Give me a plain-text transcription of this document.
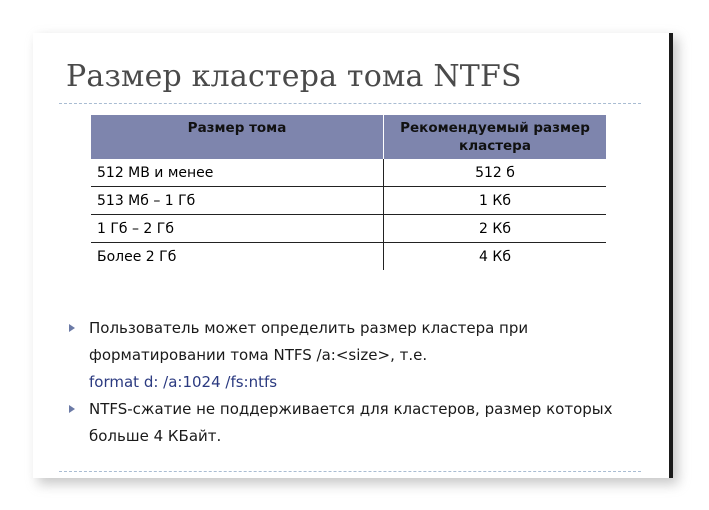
Размер кластера тома NTFS
Размер тома	Рекомендуемый размер кластера
512 МВ и менее	512 б
513 Мб – 1 Гб	1 Кб
1 Гб – 2 Гб	2 Кб
Более 2 Гб	4 Кб
Пользователь может определить размер кластера при форматировании тома NTFS /a:<size>, т.е.
format d: /a:1024 /fs:ntfs
NTFS-сжатие не поддерживается для кластеров, размер которых больше 4 КБайт.
